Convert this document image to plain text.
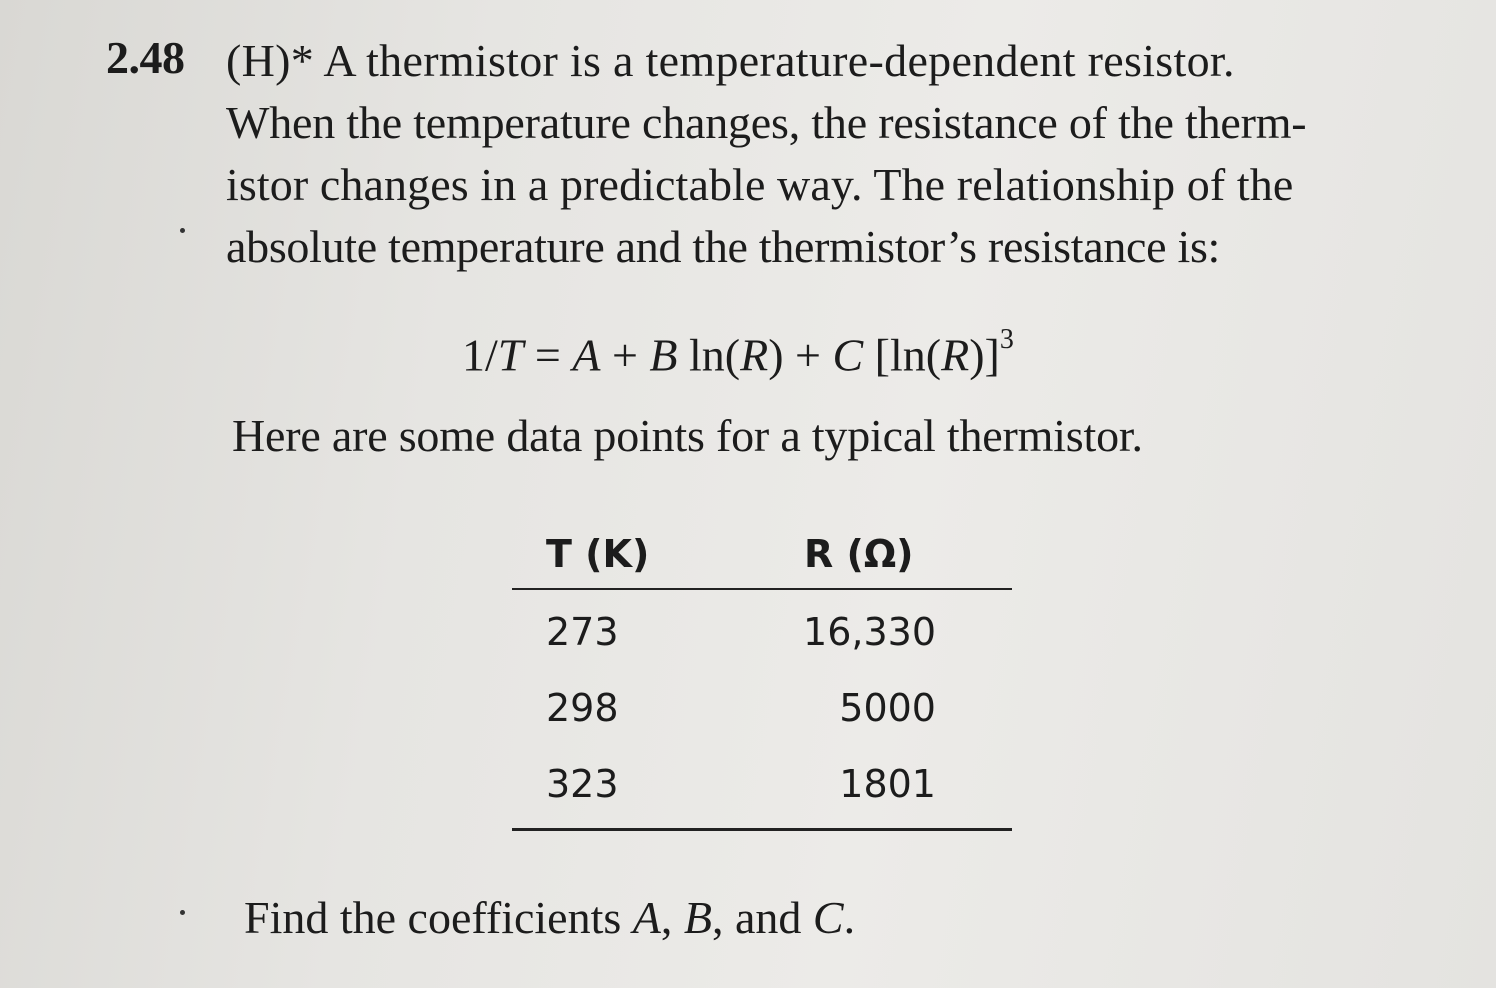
2.48 (H)* A thermistor is a temperature-dependent resistor.
When the temperature changes, the resistance of the therm-
istor changes in a predictable way. The relationship of the
absolute temperature and the thermistor’s resistance is:
1/T = A + B ln(R) + C $[\ln(R)]^3$
Here are some data points for a typical thermistor.
T (K)	R (Ω)
273	16,330
298	5000
323	1801
Find the coefficients A, B, and C.
